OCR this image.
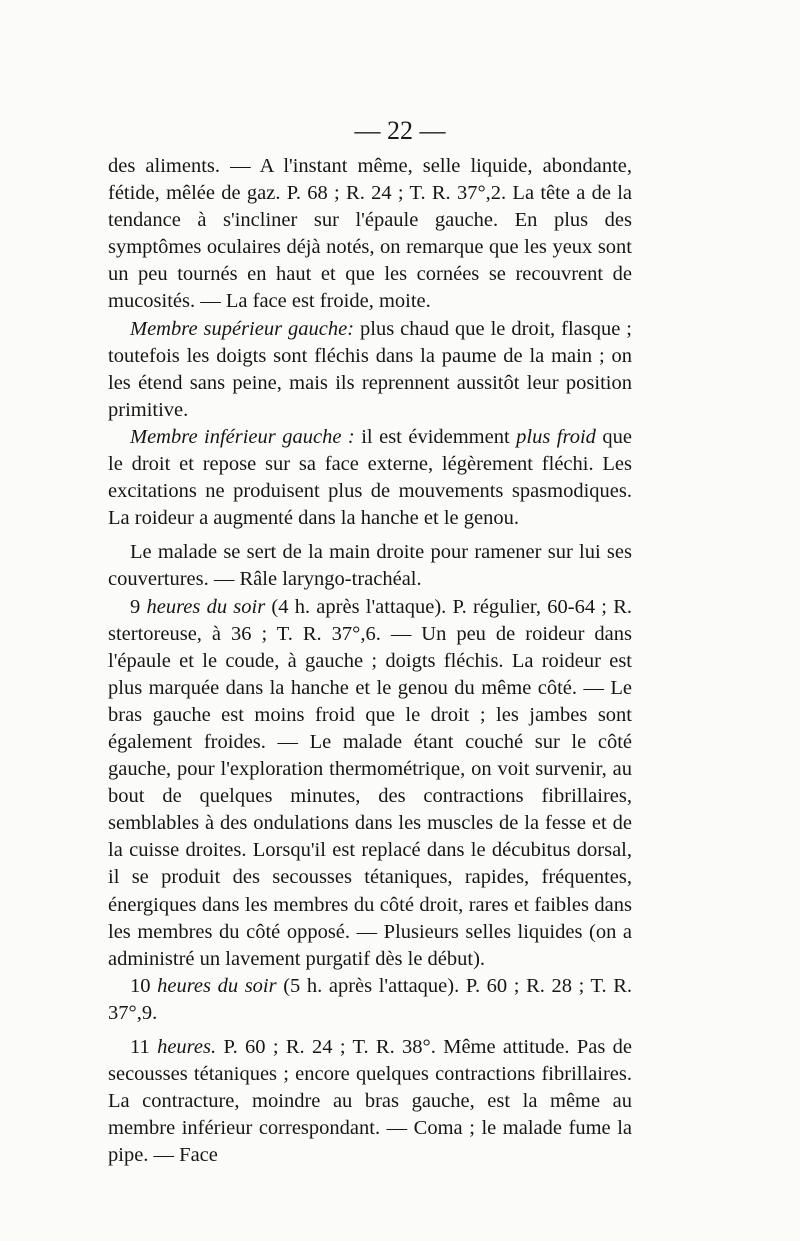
— 22 —

des aliments. — A l'instant même, selle liquide, abondante, fétide, mêlée de gaz. P. 68 ; R. 24 ; T. R. 37°,2. La tête a de la tendance à s'incliner sur l'épaule gauche. En plus des symptômes oculaires déjà notés, on remarque que les yeux sont un peu tournés en haut et que les cornées se recouvrent de mucosités. — La face est froide, moite.

Membre supérieur gauche: plus chaud que le droit, flasque ; toutefois les doigts sont fléchis dans la paume de la main ; on les étend sans peine, mais ils reprennent aussitôt leur position primitive.

Membre inférieur gauche : il est évidemment plus froid que le droit et repose sur sa face externe, légèrement fléchi. Les excitations ne produisent plus de mouvements spasmodiques. La roideur a augmenté dans la hanche et le genou.

Le malade se sert de la main droite pour ramener sur lui ses couvertures. — Râle laryngo-trachéal.

9 heures du soir (4 h. après l'attaque). P. régulier, 60-64 ; R. stertoreuse, à 36 ; T. R. 37°,6. — Un peu de roideur dans l'épaule et le coude, à gauche ; doigts fléchis. La roideur est plus marquée dans la hanche et le genou du même côté. — Le bras gauche est moins froid que le droit ; les jambes sont également froides. — Le malade étant couché sur le côté gauche, pour l'exploration thermométrique, on voit survenir, au bout de quelques minutes, des contractions fibrillaires, semblables à des ondulations dans les muscles de la fesse et de la cuisse droites. Lorsqu'il est replacé dans le décubitus dorsal, il se produit des secousses tétaniques, rapides, fréquentes, énergiques dans les membres du côté droit, rares et faibles dans les membres du côté opposé. — Plusieurs selles liquides (on a administré un lavement purgatif dès le début).

10 heures du soir (5 h. après l'attaque). P. 60 ; R. 28 ; T. R. 37°,9.

11 heures. P. 60 ; R. 24 ; T. R. 38°. Même attitude. Pas de secousses tétaniques ; encore quelques contractions fibrillaires. La contracture, moindre au bras gauche, est la même au membre inférieur correspondant. — Coma ; le malade fume la pipe. — Face
